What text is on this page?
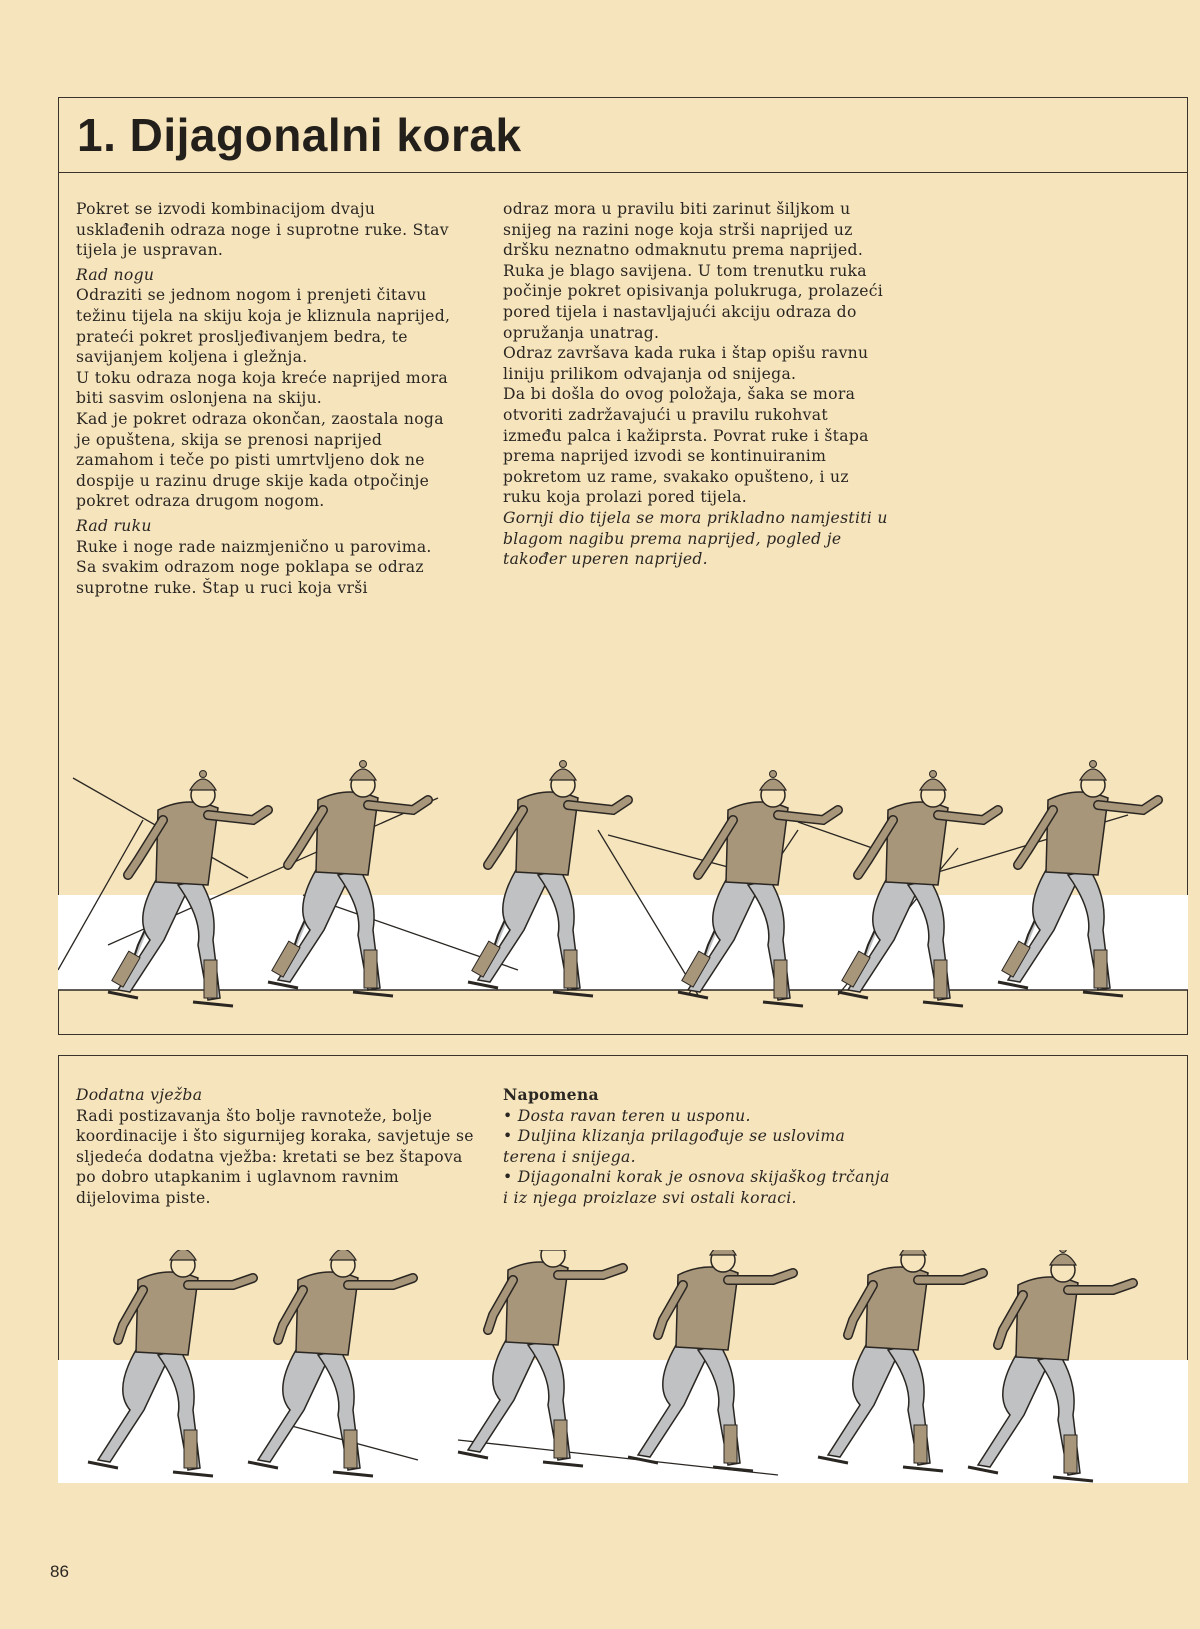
1. Dijagonalni korak

Pokret se izvodi kombinacijom dvaju usklađenih odraza noge i suprotne ruke. Stav tijela je uspravan.

Rad nogu

Odraziti se jednom nogom i prenjeti čitavu težinu tijela na skiju koja je kliznula naprijed, prateći pokret prosljeđivanjem bedra, te savijanjem koljena i gležnja.

U toku odraza noga koja kreće naprijed mora biti sasvim oslonjena na skiju.

Kad je pokret odraza okončan, zaostala noga je opuštena, skija se prenosi naprijed zamahom i teče po pisti umrtvljeno dok ne dospije u razinu druge skije kada otpočinje pokret odraza drugom nogom.

Rad ruku

Ruke i noge rade naizmjenično u parovima. Sa svakim odrazom noge poklapa se odraz suprotne ruke. Štap u ruci koja vrši

odraz mora u pravilu biti zarinut šiljkom u snijeg na razini noge koja strši naprijed uz dršku neznatno odmaknutu prema naprijed.

Ruka je blago savijena. U tom trenutku ruka počinje pokret opisivanja polukruga, prolazeći pored tijela i nastavljajući akciju odraza do opružanja unatrag.

Odraz završava kada ruka i štap opišu ravnu liniju prilikom odvajanja od snijega.

Da bi došla do ovog položaja, šaka se mora otvoriti zadržavajući u pravilu rukohvat između palca i kažiprsta. Povrat ruke i štapa prema naprijed izvodi se kontinuiranim pokretom uz rame, svakako opušteno, i uz ruku koja prolazi pored tijela.

Gornji dio tijela se mora prikladno namjestiti u blagom nagibu prema naprijed, pogled je također uperen naprijed.

Dodatna vježba

Radi postizavanja što bolje ravnoteže, bolje koordinacije i što sigurnijeg koraka, savjetuje se sljedeća dodatna vježba: kretati se bez štapova po dobro utapkanim i uglavnom ravnim dijelovima piste.

Napomena

• Dosta ravan teren u usponu.

• Duljina klizanja prilagođuje se uslovima terena i snijega.

• Dijagonalni korak je osnova skijaškog trčanja i iz njega proizlaze svi ostali koraci.

86
